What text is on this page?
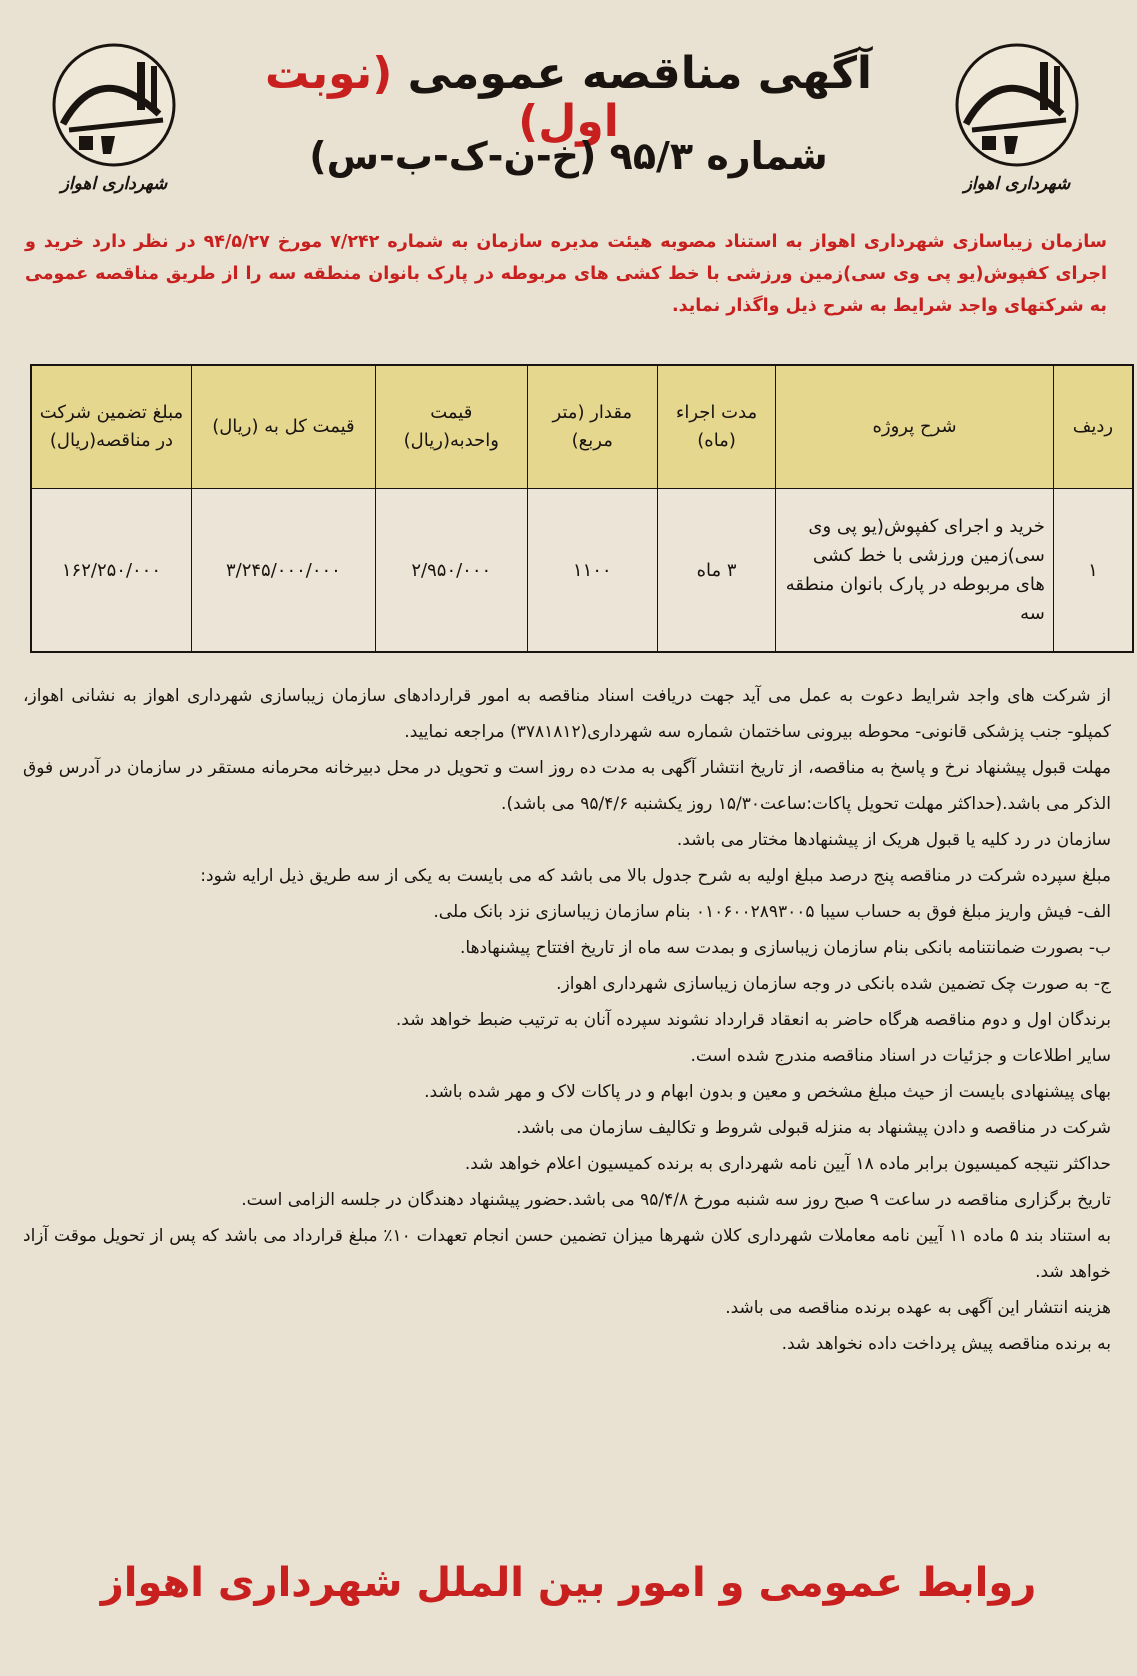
شهرداری اهواز
شهرداری اهواز
آگهی مناقصه عمومی (نوبت اول)
شماره ۹۵/۳ (خ-ن-ک-ب-س)
سازمان زیباسازی شهرداری اهواز به استناد مصوبه هیئت مدیره سازمان به شماره ۷/۲۴۲ مورخ ۹۴/۵/۲۷ در نظر دارد خرید و اجرای کفپوش(یو پی وی سی)زمین ورزشی با خط کشی های مربوطه در پارک بانوان منطقه سه را از طریق مناقصه عمومی به شرکتهای واجد شرایط به شرح ذیل واگذار نماید.
ردیف	شرح پروژه	مدت اجراء (ماه)	مقدار (متر مربع)	قیمت واحدبه(ریال)	قیمت کل به (ریال)	مبلغ تضمین شرکت در مناقصه(ریال)
۱	خرید و اجرای کفپوش(یو پی وی سی)زمین ورزشی با خط کشی های مربوطه در پارک بانوان منطقه سه	۳ ماه	۱۱۰۰	۲/۹۵۰/۰۰۰	۳/۲۴۵/۰۰۰/۰۰۰	۱۶۲/۲۵۰/۰۰۰

از شرکت های واجد شرایط دعوت به عمل می آید جهت دریافت اسناد مناقصه به امور قراردادهای سازمان زیباسازی شهرداری اهواز به نشانی اهواز، کمپلو- جنب پزشکی قانونی- محوطه بیرونی ساختمان شماره سه شهرداری(۳۷۸۱۸۱۲) مراجعه نمایید.

مهلت قبول پیشنهاد نرخ و پاسخ به مناقصه، از تاریخ انتشار آگهی به مدت ده روز است و تحویل در محل دبیرخانه محرمانه مستقر در سازمان در آدرس فوق الذکر می باشد.(حداکثر مهلت تحویل پاکات:ساعت۱۵/۳۰ روز یکشنبه ۹۵/۴/۶ می باشد).

سازمان در رد کلیه یا قبول هریک از پیشنهادها مختار می باشد.

مبلغ سپرده شرکت در مناقصه پنج درصد مبلغ اولیه به شرح جدول بالا می باشد که می بایست به یکی از سه طریق ذیل ارایه شود:

الف- فیش واریز مبلغ فوق به حساب سیبا ۰۱۰۶۰۰۲۸۹۳۰۰۵ بنام سازمان زیباسازی نزد بانک ملی.

ب- بصورت ضمانتنامه بانکی بنام سازمان زیباسازی و بمدت سه ماه از تاریخ افتتاح پیشنهادها.

ج- به صورت چک تضمین شده بانکی در وجه سازمان زیباسازی شهرداری اهواز.

برندگان اول و دوم مناقصه هرگاه حاضر به انعقاد قرارداد نشوند سپرده آنان به ترتیب ضبط خواهد شد.

سایر اطلاعات و جزئیات در اسناد مناقصه مندرج شده است.

بهای پیشنهادی بایست از حیث مبلغ مشخص و معین و بدون ابهام و در پاکات لاک و مهر شده باشد.

شرکت در مناقصه و دادن پیشنهاد به منزله قبولی شروط و تکالیف سازمان می باشد.

حداکثر نتیجه کمیسیون برابر ماده ۱۸ آیین نامه شهرداری به برنده کمیسیون اعلام خواهد شد.

تاریخ برگزاری مناقصه در ساعت ۹ صبح روز سه شنبه مورخ ۹۵/۴/۸ می باشد.حضور پیشنهاد دهندگان در جلسه الزامی است.

به استناد بند ۵ ماده ۱۱ آیین نامه معاملات شهرداری کلان شهرها میزان تضمین حسن انجام تعهدات ۱۰٪ مبلغ قرارداد می باشد که پس از تحویل موقت آزاد خواهد شد.

هزینه انتشار این آگهی به عهده برنده مناقصه می باشد.

به برنده مناقصه پیش پرداخت داده نخواهد شد.

روابط عمومی و امور بین الملل شهرداری اهواز
